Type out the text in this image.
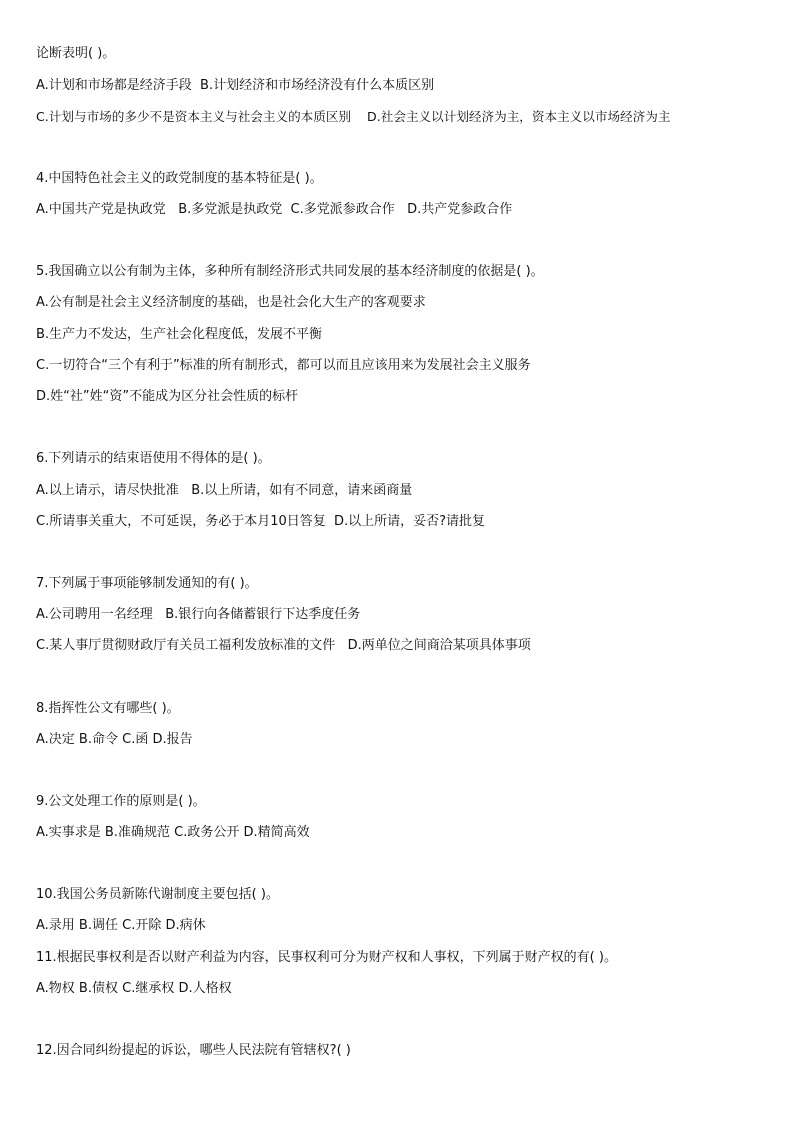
论断表明( )。
A.计划和市场都是经济手段  B.计划经济和市场经济没有什么本质区别
C.计划与市场的多少不是资本主义与社会主义的本质区别    D.社会主义以计划经济为主，资本主义以市场经济为主
4.中国特色社会主义的政党制度的基本特征是( )。
A.中国共产党是执政党   B.多党派是执政党  C.多党派参政合作   D.共产党参政合作
5.我国确立以公有制为主体，多种所有制经济形式共同发展的基本经济制度的依据是( )。
A.公有制是社会主义经济制度的基础，也是社会化大生产的客观要求
B.生产力不发达，生产社会化程度低，发展不平衡
C.一切符合“三个有利于”标准的所有制形式，都可以而且应该用来为发展社会主义服务
D.姓“社”姓“资”不能成为区分社会性质的标杆
6.下列请示的结束语使用不得体的是( )。
A.以上请示，请尽快批准   B.以上所请，如有不同意，请来函商量
C.所请事关重大，不可延误，务必于本月10日答复  D.以上所请，妥否?请批复
7.下列属于事项能够制发通知的有( )。
A.公司聘用一名经理   B.银行向各储蓄银行下达季度任务
C.某人事厅贯彻财政厅有关员工福利发放标准的文件   D.两单位之间商洽某项具体事项
8.指挥性公文有哪些( )。
A.决定 B.命令 C.函 D.报告
9.公文处理工作的原则是( )。
A.实事求是 B.准确规范 C.政务公开 D.精简高效
10.我国公务员新陈代谢制度主要包括( )。
A.录用 B.调任 C.开除 D.病休
11.根据民事权利是否以财产利益为内容，民事权利可分为财产权和人事权，下列属于财产权的有( )。
A.物权 B.债权 C.继承权 D.人格权
12.因合同纠纷提起的诉讼，哪些人民法院有管辖权?( )
